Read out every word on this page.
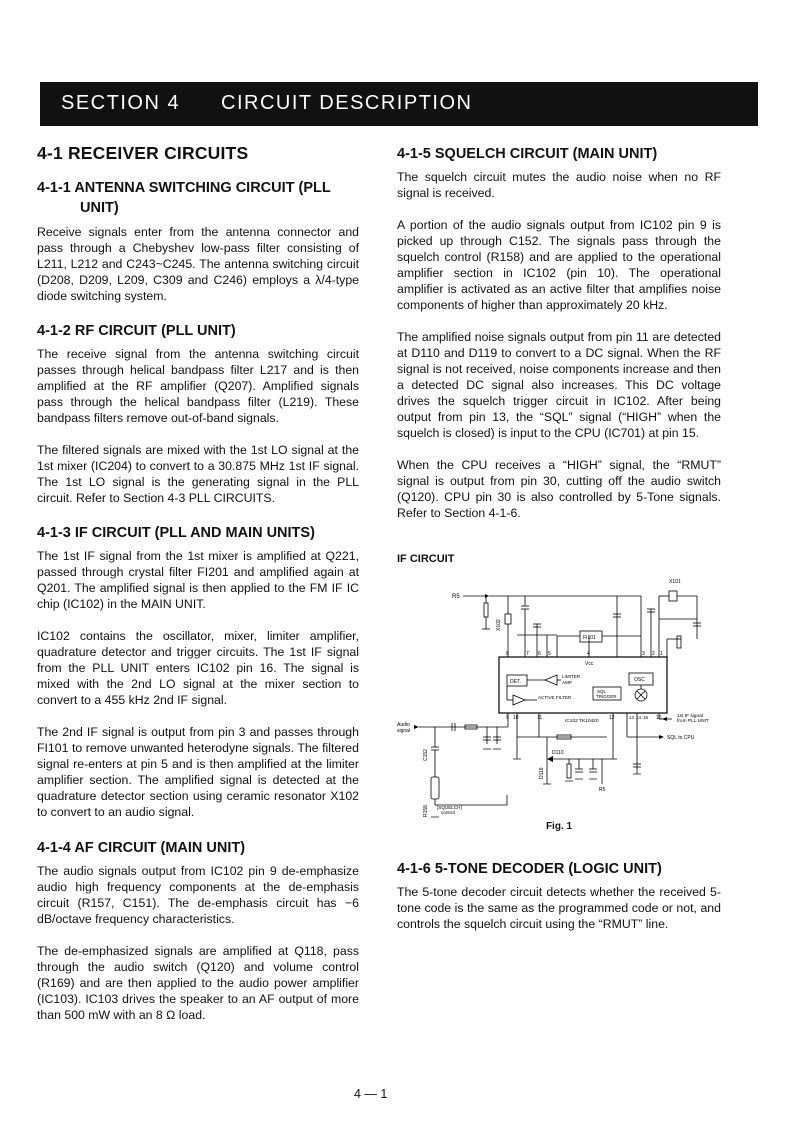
SECTION 4 CIRCUIT DESCRIPTION
4-1 RECEIVER CIRCUITS
4-1-1 ANTENNA SWITCHING CIRCUIT (PLL UNIT)

Receive signals enter from the antenna connector and pass through a Chebyshev low-pass filter consisting of L211, L212 and C243~C245. The antenna switching circuit (D208, D209, L209, C309 and C246) employs a λ/4-type diode switching system.

4-1-2 RF CIRCUIT (PLL UNIT)

The receive signal from the antenna switching circuit passes through helical bandpass filter L217 and is then amplified at the RF amplifier (Q207). Amplified signals pass through the helical bandpass filter (L219). These bandpass filters remove out-of-band signals.

The filtered signals are mixed with the 1st LO signal at the 1st mixer (IC204) to convert to a 30.875 MHz 1st IF signal. The 1st LO signal is the generating signal in the PLL circuit. Refer to Section 4-3 PLL CIRCUITS.

4-1-3 IF CIRCUIT (PLL AND MAIN UNITS)

The 1st IF signal from the 1st mixer is amplified at Q221, passed through crystal filter FI201 and amplified again at Q201. The amplified signal is then applied to the FM IF IC chip (IC102) in the MAIN UNIT.

IC102 contains the oscillator, mixer, limiter amplifier, quadrature detector and trigger circuits. The 1st IF signal from the PLL UNIT enters IC102 pin 16. The signal is mixed with the 2nd LO signal at the mixer section to convert to a 455 kHz 2nd IF signal.

The 2nd IF signal is output from pin 3 and passes through FI101 to remove unwanted heterodyne signals. The filtered signal re-enters at pin 5 and is then amplified at the limiter amplifier section. The amplified signal is detected at the quadrature detector section using ceramic resonator X102 to convert to an audio signal.

4-1-4 AF CIRCUIT (MAIN UNIT)

The audio signals output from IC102 pin 9 de-emphasize audio high frequency components at the de-emphasis circuit (R157, C151). The de-emphasis circuit has −6 dB/octave frequency characteristics.

The de-emphasized signals are amplified at Q118, pass through the audio switch (Q120) and volume control (R169) and are then applied to the audio power amplifier (IC103). IC103 drives the speaker to an AF output of more than 500 mW with an 8 Ω load.

4-1-5 SQUELCH CIRCUIT (MAIN UNIT)

The squelch circuit mutes the audio noise when no RF signal is received.

A portion of the audio signals output from IC102 pin 9 is picked up through C152. The signals pass through the squelch control (R158) and are applied to the operational amplifier section in IC102 (pin 10). The operational amplifier is activated as an active filter that amplifies noise components of higher than approximately 20 kHz.

The amplified noise signals output from pin 11 are detected at D110 and D119 to convert to a DC signal. When the RF signal is not received, noise components increase and then a detected DC signal also increases. This DC voltage drives the squelch trigger circuit in IC102. After being output from pin 13, the “SQL” signal (“HIGH” when the squelch is closed) is input to the CPU (IC701) at pin 15.

When the CPU receives a “HIGH” signal, the “RMUT” signal is output from pin 30, cutting off the audio switch (Q120). CPU pin 30 is also controlled by 5-Tone signals. Refer to Section 4-1-6.

IF CIRCUIT
R5
X102
FI101
X101
8	7 6 5	4	3 2 1
Vcc
DET.
LIMITER
AMP
SQL
TRIGGER
OSC
ACTIVE FILTER
IC102 TK10420
9 10	11	12	13 14 15 16
Audio
signal
C152
R158 [SQUELCH]
control
D110
D119
R5
SQL to CPU
1st IF signal
from PLL UNIT
Fig. 1
4-1-6 5-TONE DECODER (LOGIC UNIT)

The 5-tone decoder circuit detects whether the received 5-tone code is the same as the programmed code or not, and controls the squelch circuit using the “RMUT” line.

4 — 1
